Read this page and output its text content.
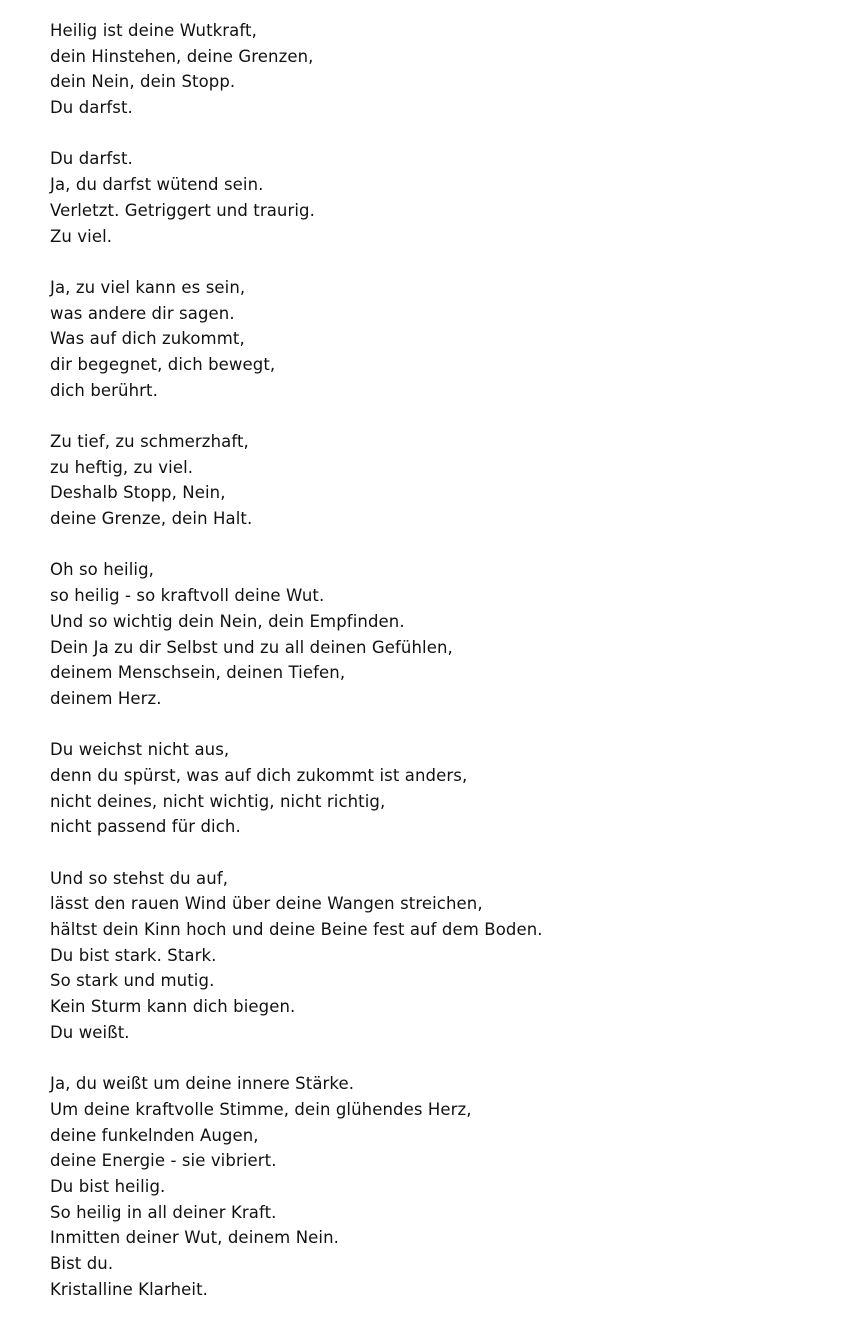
Heilig ist deine Wutkraft,
dein Hinstehen, deine Grenzen,
dein Nein, dein Stopp.
Du darfst.
Du darfst.
Ja, du darfst wütend sein.
Verletzt. Getriggert und traurig.
Zu viel.
Ja, zu viel kann es sein,
was andere dir sagen.
Was auf dich zukommt,
dir begegnet, dich bewegt,
dich berührt.
Zu tief, zu schmerzhaft,
zu heftig, zu viel.
Deshalb Stopp, Nein,
deine Grenze, dein Halt.
Oh so heilig,
so heilig - so kraftvoll deine Wut.
Und so wichtig dein Nein, dein Empfinden.
Dein Ja zu dir Selbst und zu all deinen Gefühlen,
deinem Menschsein, deinen Tiefen,
deinem Herz.
Du weichst nicht aus,
denn du spürst, was auf dich zukommt ist anders,
nicht deines, nicht wichtig, nicht richtig,
nicht passend für dich.
Und so stehst du auf,
lässt den rauen Wind über deine Wangen streichen,
hältst dein Kinn hoch und deine Beine fest auf dem Boden.
Du bist stark. Stark.
So stark und mutig.
Kein Sturm kann dich biegen.
Du weißt.
Ja, du weißt um deine innere Stärke.
Um deine kraftvolle Stimme, dein glühendes Herz,
deine funkelnden Augen,
deine Energie - sie vibriert.
Du bist heilig.
So heilig in all deiner Kraft.
Inmitten deiner Wut, deinem Nein.
Bist du.
Kristalline Klarheit.
